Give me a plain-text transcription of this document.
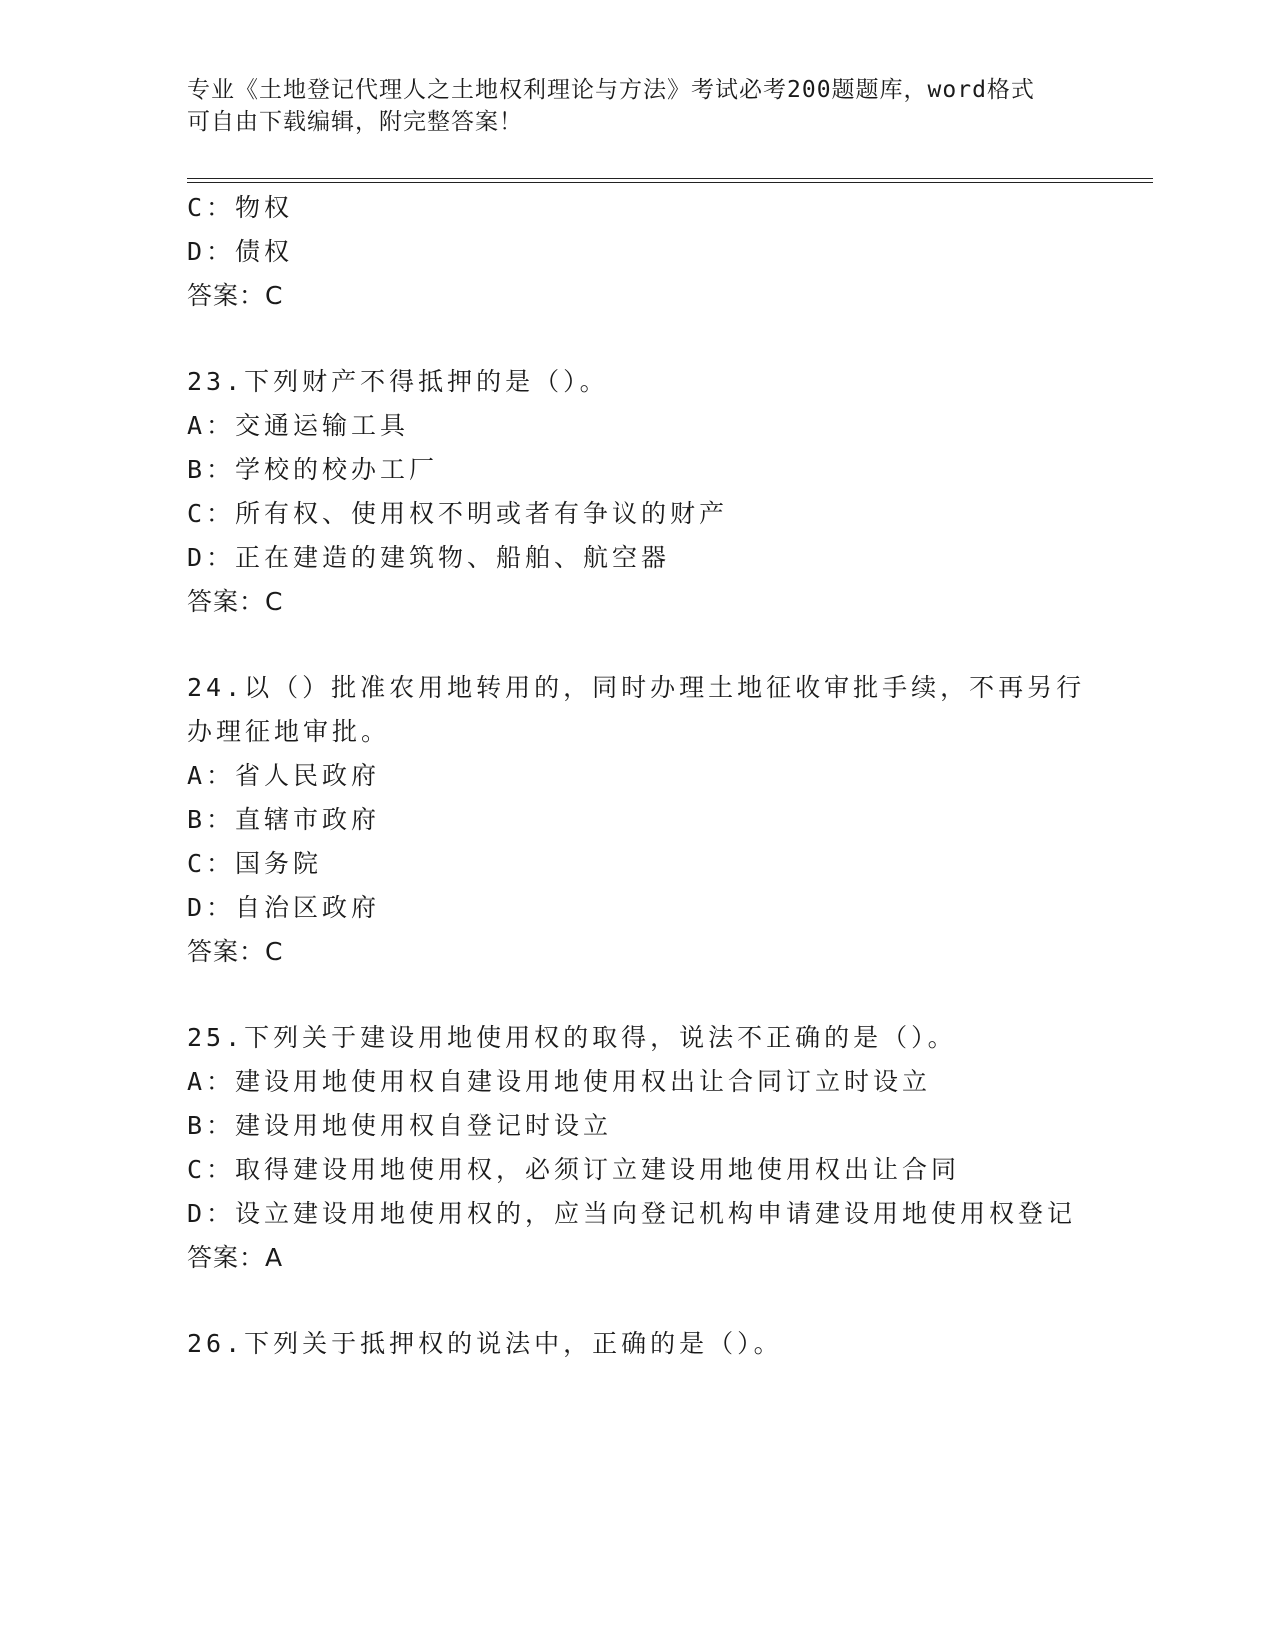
专业《土地登记代理人之土地权利理论与方法》考试必考200题题库，word格式
可自由下载编辑，附完整答案！
C：物权
D：债权
答案：C
23.下列财产不得抵押的是（）。
A：交通运输工具
B：学校的校办工厂
C：所有权、使用权不明或者有争议的财产
D：正在建造的建筑物、船舶、航空器
答案：C
24.以（）批准农用地转用的，同时办理土地征收审批手续，不再另行
办理征地审批。
A：省人民政府
B：直辖市政府
C：国务院
D：自治区政府
答案：C
25.下列关于建设用地使用权的取得，说法不正确的是（）。
A：建设用地使用权自建设用地使用权出让合同订立时设立
B：建设用地使用权自登记时设立
C：取得建设用地使用权，必须订立建设用地使用权出让合同
D：设立建设用地使用权的，应当向登记机构申请建设用地使用权登记
答案：A
26.下列关于抵押权的说法中，正确的是（）。
